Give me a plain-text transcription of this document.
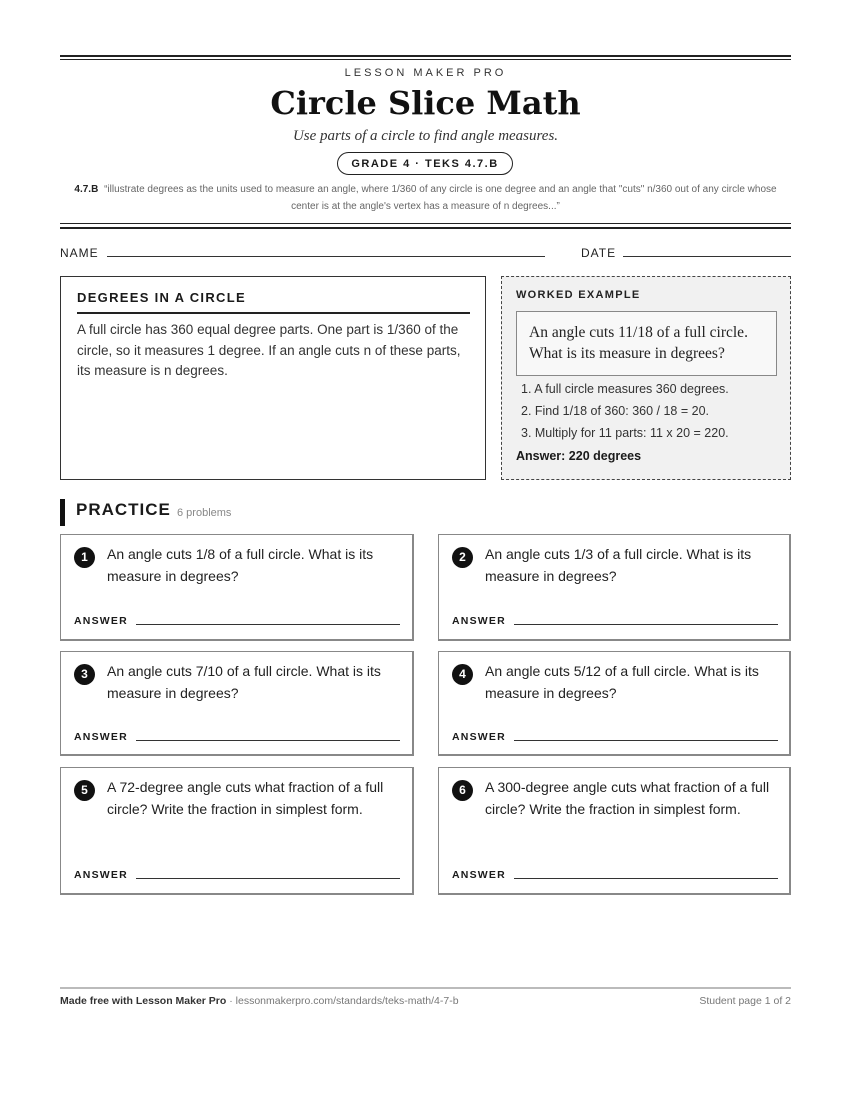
LESSON MAKER PRO
Circle Slice Math
Use parts of a circle to find angle measures.
GRADE 4 · TEKS 4.7.B
4.7.B “illustrate degrees as the units used to measure an angle, where 1/360 of any circle is one degree and an angle that "cuts" n/360 out of any circle whose center is at the angle's vertex has a measure of n degrees...”
NAME	DATE
DEGREES IN A CIRCLE
A full circle has 360 equal degree parts. One part is 1/360 of the circle, so it measures 1 degree. If an angle cuts n of these parts, its measure is n degrees.
WORKED EXAMPLE
An angle cuts 11/18 of a full circle. What is its measure in degrees?
1. A full circle measures 360 degrees.
2. Find 1/18 of 360: 360 / 18 = 20.
3. Multiply for 11 parts: 11 x 20 = 220.
Answer: 220 degrees
PRACTICE 6 problems
1	An angle cuts 1/8 of a full circle. What is its measure in degrees?
ANSWER
2	An angle cuts 1/3 of a full circle. What is its measure in degrees?
ANSWER
3	An angle cuts 7/10 of a full circle. What is its measure in degrees?
ANSWER
4	An angle cuts 5/12 of a full circle. What is its measure in degrees?
ANSWER
5	A 72-degree angle cuts what fraction of a full circle? Write the fraction in simplest form.
ANSWER
6	A 300-degree angle cuts what fraction of a full circle? Write the fraction in simplest form.
ANSWER
Made free with Lesson Maker Pro · lessonmakerpro.com/standards/teks-math/4-7-b	Student page 1 of 2
